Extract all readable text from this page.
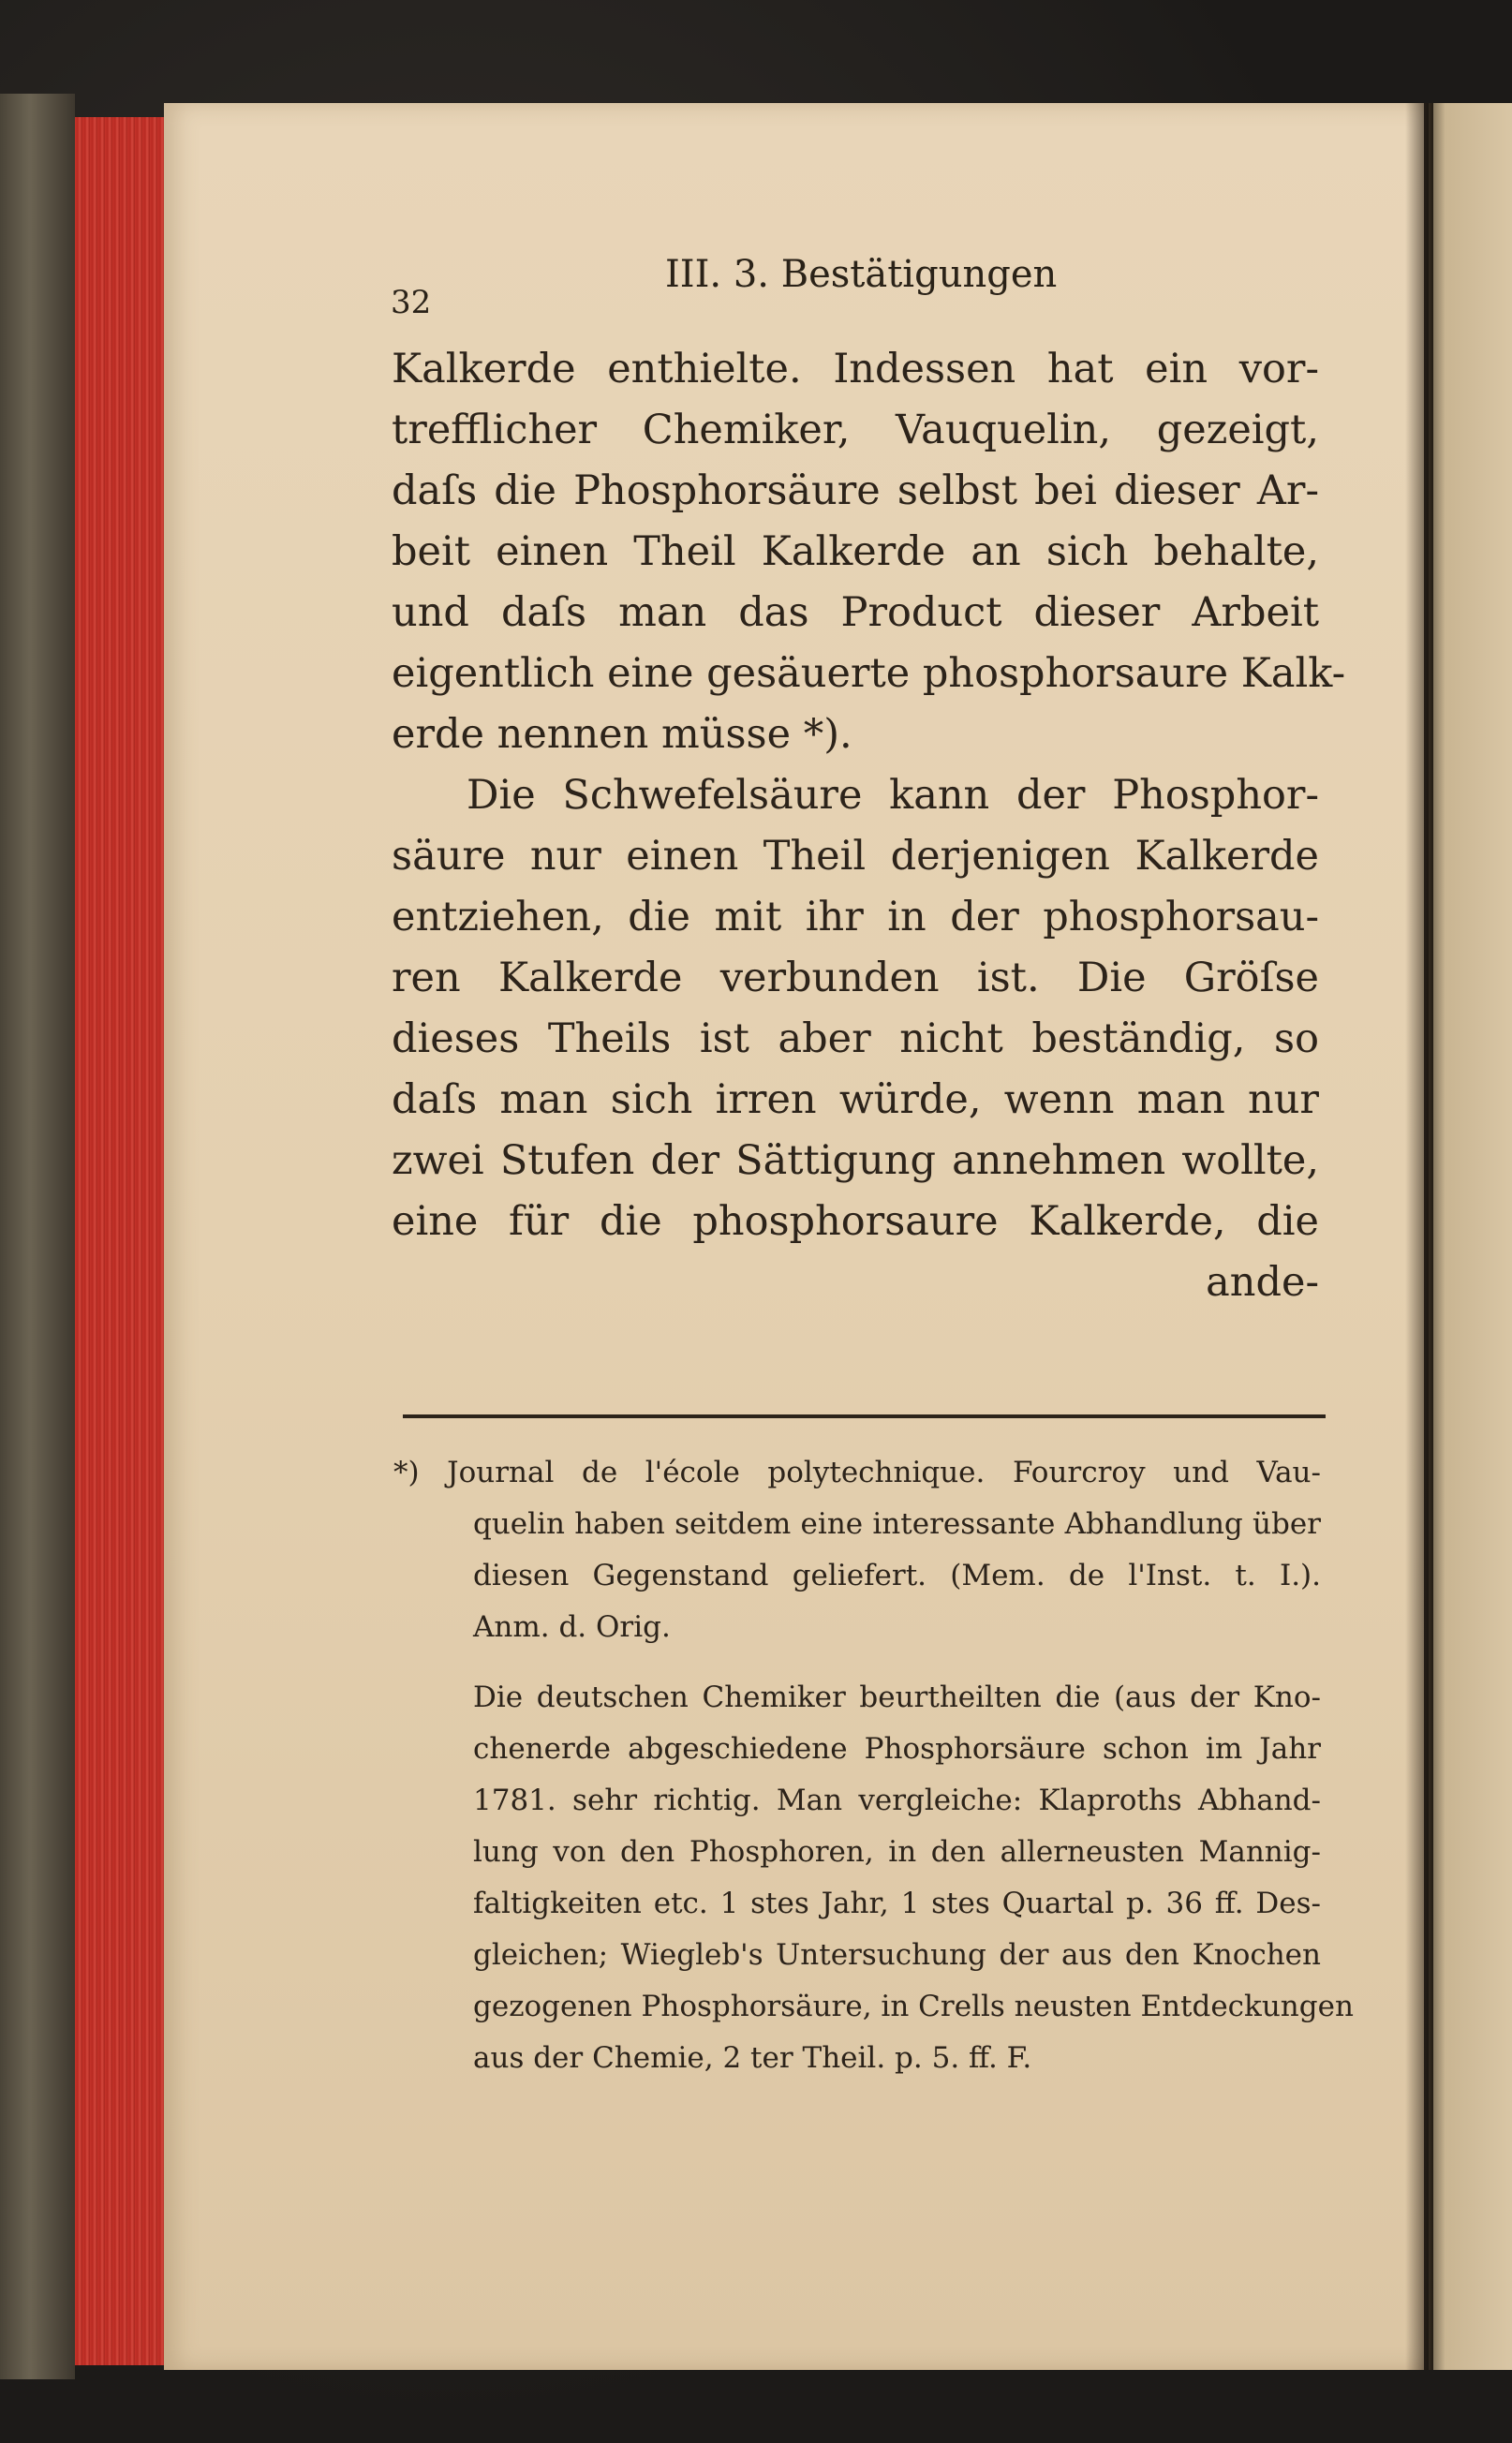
32
III. 3. Bestätigungen
Kalkerde enthielte. Indessen hat ein vor-
trefflicher Chemiker, Vauquelin, gezeigt,
daſs die Phosphorsäure selbst bei dieser Ar-
beit einen Theil Kalkerde an sich behalte,
und daſs man das Product dieser Arbeit
eigentlich eine gesäuerte phosphorsaure Kalk-
erde nennen müsse *).
Die Schwefelsäure kann der Phosphor-
säure nur einen Theil derjenigen Kalkerde
entziehen, die mit ihr in der phosphorsau-
ren Kalkerde verbunden ist. Die Gröſse
dieses Theils ist aber nicht beständig, so
daſs man sich irren würde, wenn man nur
zwei Stufen der Sättigung annehmen wollte,
eine für die phosphorsaure Kalkerde, die
ande-
*) Journal de l'école polytechnique. Fourcroy und Vau-
quelin haben seitdem eine interessante Abhandlung über
diesen Gegenstand geliefert. (Mem. de l'Inst. t. I.).
Anm. d. Orig.
Die deutschen Chemiker beurtheilten die (aus der Kno-
chenerde abgeschiedene Phosphorsäure schon im Jahr
1781. sehr richtig. Man vergleiche: Klaproths Abhand-
lung von den Phosphoren, in den allerneusten Mannig-
faltigkeiten etc. 1 stes Jahr, 1 stes Quartal p. 36 ff. Des-
gleichen; Wiegleb's Untersuchung der aus den Knochen
gezogenen Phosphorsäure, in Crells neusten Entdeckungen
aus der Chemie, 2 ter Theil. p. 5. ff. F.
